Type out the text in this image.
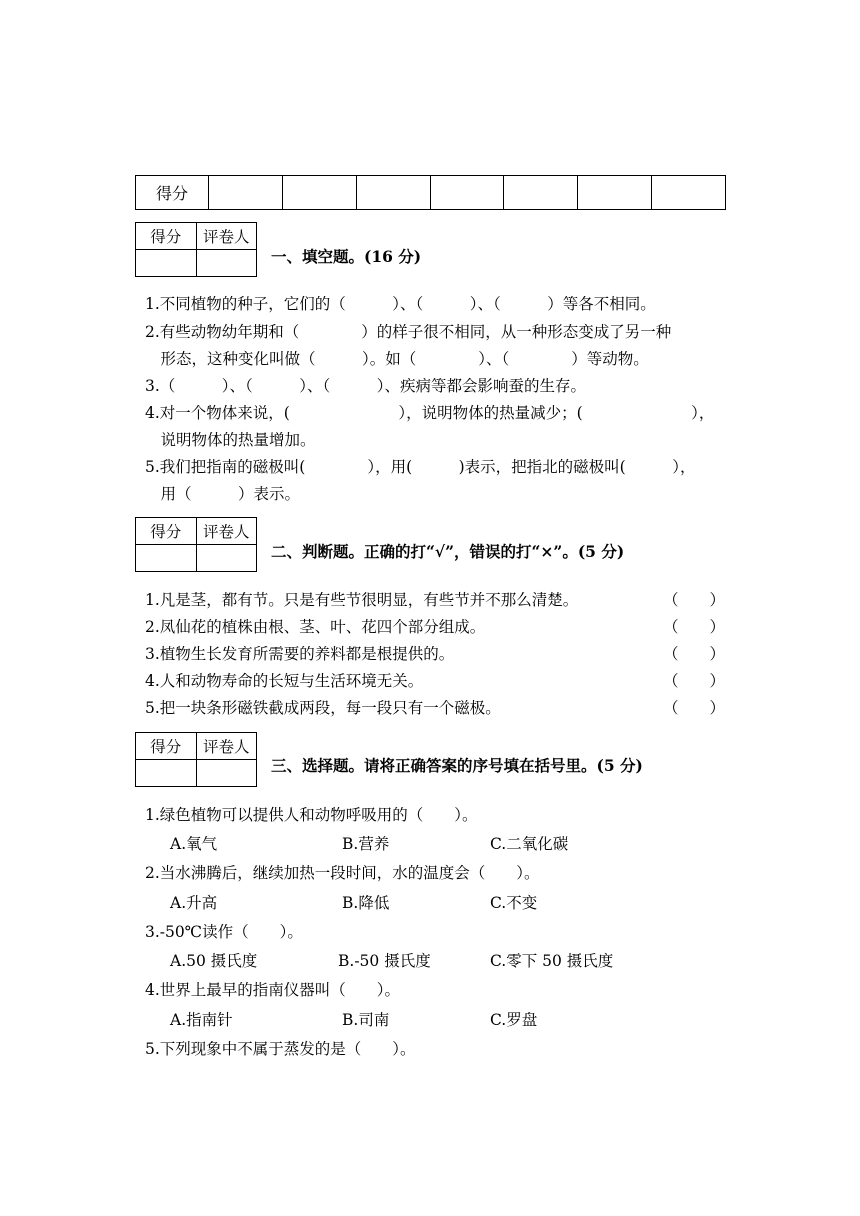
得分							
得分	评卷人

一、填空题。(16 分)
1.不同植物的种子，它们的（　　　）、（　　　）、（　　　）等各不相同。
2.有些动物幼年期和（　　　　）的样子很不相同，从一种形态变成了另一种
　形态，这种变化叫做（　　　）。如（　　　　）、（　　　　）等动物。
3.（　　　）、（　　　）、（　　　）、疾病等都会影响蚕的生存。
4.对一个物体来说，(　　　　　　　），说明物体的热量减少；(　　　　　　　），
　说明物体的热量增加。
5.我们把指南的磁极叫(　　　　），用(　　　)表示，把指北的磁极叫(　　　），
　用（　　　）表示。
得分	评卷人

二、判断题。正确的打“√”，错误的打“×”。(5 分)
1.凡是茎，都有节。只是有些节很明显，有些节并不那么清楚。	（　　）
2.凤仙花的植株由根、茎、叶、花四个部分组成。	（　　）
3.植物生长发育所需要的养料都是根提供的。	（　　）
4.人和动物寿命的长短与生活环境无关。	（　　）
5.把一块条形磁铁截成两段，每一段只有一个磁极。	（　　）
得分	评卷人

三、选择题。请将正确答案的序号填在括号里。(5 分)
1.绿色植物可以提供人和动物呼吸用的（　　）。
A.氧气	B.营养	C.二氧化碳
2.当水沸腾后，继续加热一段时间，水的温度会（　　）。
A.升高	B.降低	C.不变
3.-50℃读作（　　）。
A.50 摄氏度	B.-50 摄氏度	C.零下 50 摄氏度
4.世界上最早的指南仪器叫（　　）。
A.指南针	B.司南	C.罗盘
5.下列现象中不属于蒸发的是（　　）。
